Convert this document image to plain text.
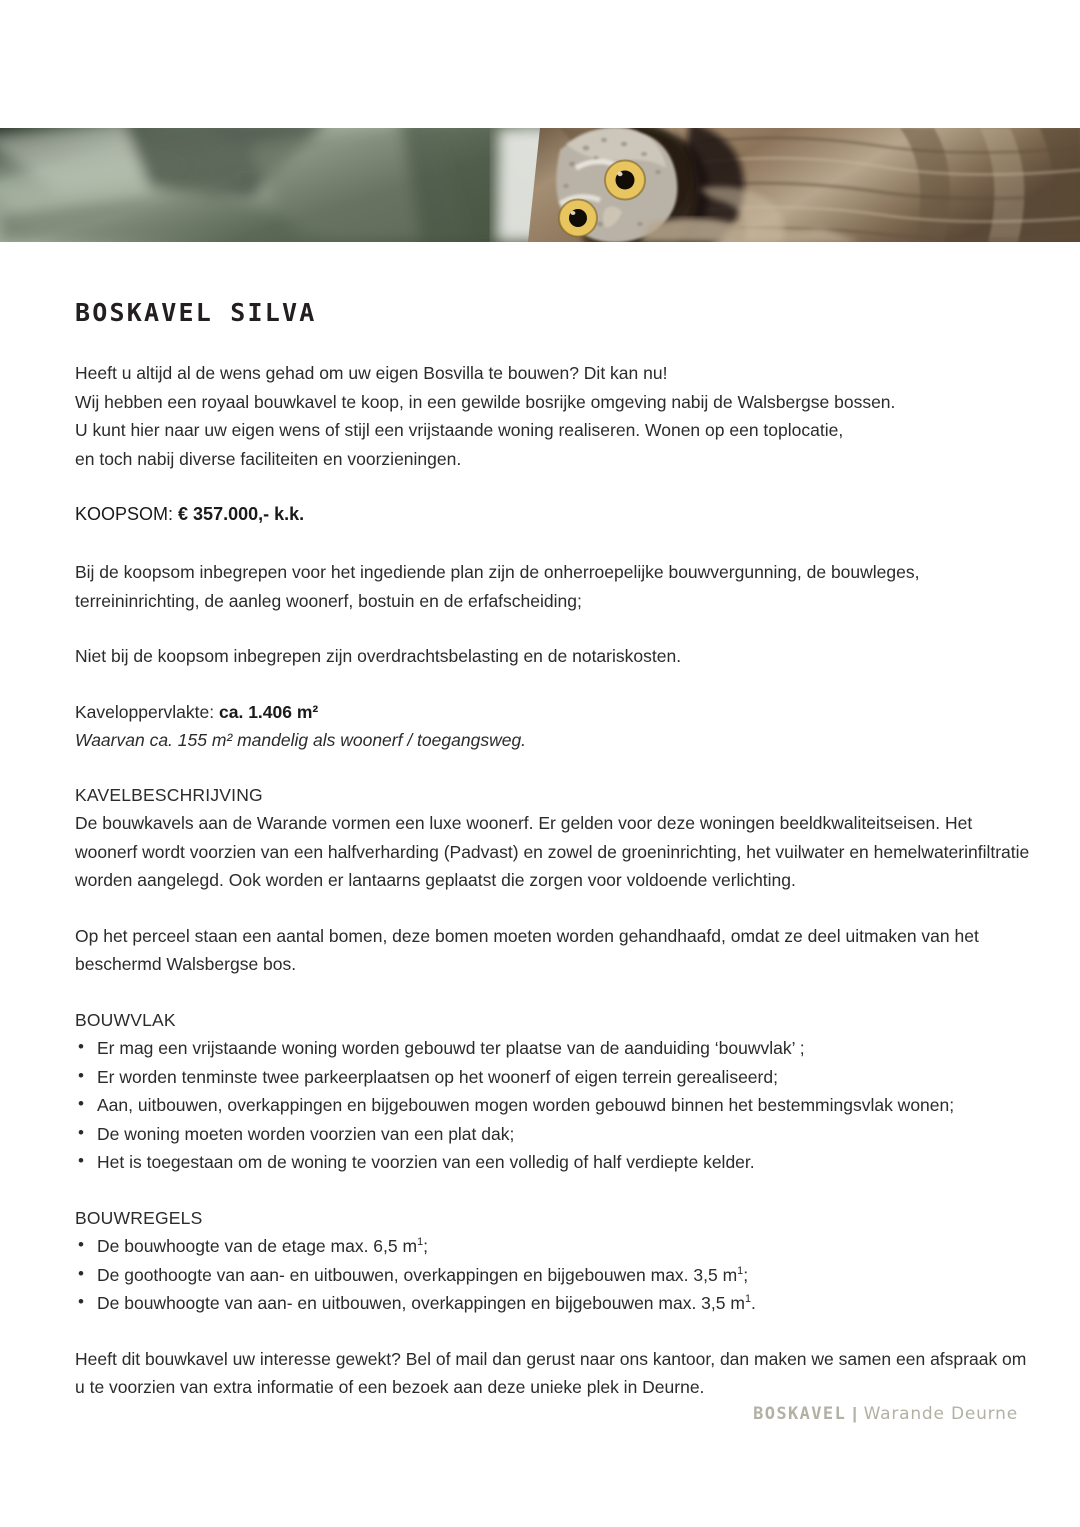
BOSKAVEL SILVA

Heeft u altijd al de wens gehad om uw eigen Bosvilla te bouwen? Dit kan nu!
Wij hebben een royaal bouwkavel te koop, in een gewilde bosrijke omgeving nabij de Walsbergse bossen.
U kunt hier naar uw eigen wens of stijl een vrijstaande woning realiseren. Wonen op een toplocatie,
en toch nabij diverse faciliteiten en voorzieningen.

KOOPSOM: € 357.000,- k.k.

Bij de koopsom inbegrepen voor het ingediende plan zijn de onherroepelijke bouwvergunning, de bouwleges, terreininrichting, de aanleg woonerf, bostuin en de erfafscheiding;

Niet bij de koopsom inbegrepen zijn overdrachtsbelasting en de notariskosten.

Kaveloppervlakte: ca. 1.406 m²
Waarvan ca. 155 m² mandelig als woonerf / toegangsweg.
KAVELBESCHRIJVING

De bouwkavels aan de Warande vormen een luxe woonerf. Er gelden voor deze woningen beeldkwaliteitseisen. Het woonerf wordt voorzien van een halfverharding (Padvast) en zowel de groeninrichting, het vuilwater en hemelwaterinfiltratie worden aangelegd. Ook worden er lantaarns geplaatst die zorgen voor voldoende verlichting.

Op het perceel staan een aantal bomen, deze bomen moeten worden gehandhaafd, omdat ze deel uitmaken van het beschermd Walsbergse bos.

BOUWVLAK
• Er mag een vrijstaande woning worden gebouwd ter plaatse van de aanduiding ‘bouwvlak’ ;
• Er worden tenminste twee parkeerplaatsen op het woonerf of eigen terrein gerealiseerd;
• Aan, uitbouwen, overkappingen en bijgebouwen mogen worden gebouwd binnen het bestemmingsvlak wonen;
• De woning moeten worden voorzien van een plat dak;
• Het is toegestaan om de woning te voorzien van een volledig of half verdiepte kelder.
BOUWREGELS
• De bouwhoogte van de etage max. 6,5 $m^1$;
• De goothoogte van aan- en uitbouwen, overkappingen en bijgebouwen max. 3,5 $m^1$;
• De bouwhoogte van aan- en uitbouwen, overkappingen en bijgebouwen max. 3,5 $m^1$.

Heeft dit bouwkavel uw interesse gewekt? Bel of mail dan gerust naar ons kantoor, dan maken we samen een afspraak om u te voorzien van extra informatie of een bezoek aan deze unieke plek in Deurne.

BOSKAVEL | Warande Deurne
